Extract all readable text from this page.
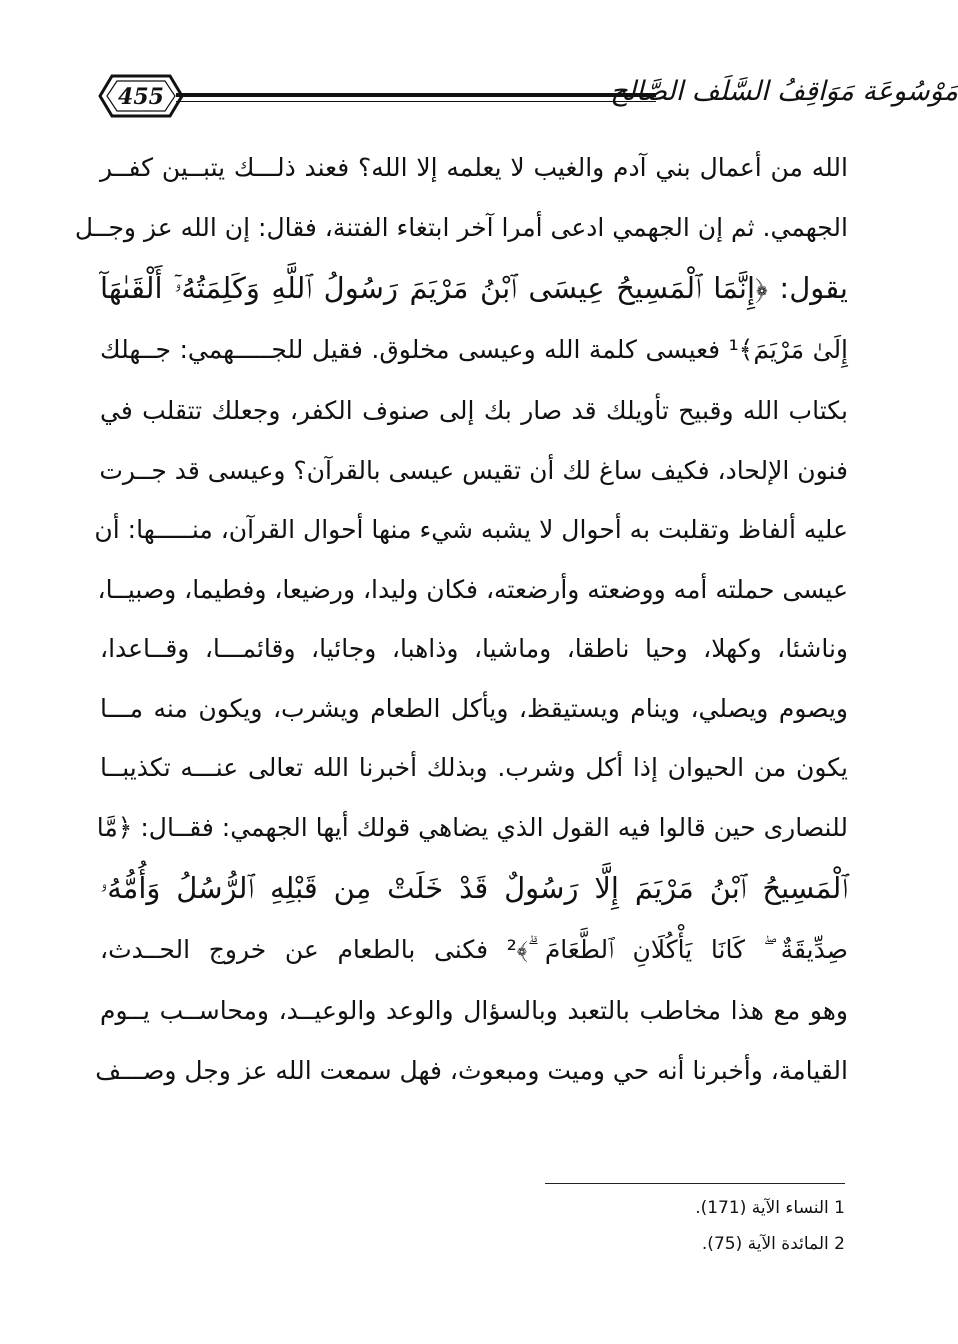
455	مَوْسُوعَة مَوَاقِفُ السَّلَف الصَّالح
الله من أعمال بني آدم والغيب لا يعلمه إلا الله؟ فعند ذلـــك يتبــين كفــر
الجهمي. ثم إن الجهمي ادعى أمرا آخر ابتغاء الفتنة، فقال: إن الله عز وجــل
يقول: ﴿إِنَّمَا ٱلْمَسِيحُ عِيسَى ٱبْنُ مَرْيَمَ رَسُولُ ٱللَّهِ وَكَلِمَتُهُۥٓ أَلْقَىٰهَآ
إِلَىٰ مَرْيَمَ﴾¹ فعيسى كلمة الله وعيسى مخلوق. فقيل للجـــــهمي: جــهلك
بكتاب الله وقبيح تأويلك قد صار بك إلى صنوف الكفر، وجعلك تتقلب في
فنون الإلحاد، فكيف ساغ لك أن تقيس عيسى بالقرآن؟ وعيسى قد جــرت
عليه ألفاظ وتقلبت به أحوال لا يشبه شيء منها أحوال القرآن، منـــــها: أن
عيسى حملته أمه ووضعته وأرضعته، فكان وليدا، ورضيعا، وفطيما، وصبيــا،
وناشئا، وكهلا، وحيا ناطقا، وماشيا، وذاهبا، وجائيا، وقائمـــا، وقــاعدا،
ويصوم ويصلي، وينام ويستيقظ، ويأكل الطعام ويشرب، ويكون منه مـــا
يكون من الحيوان إذا أكل وشرب. وبذلك أخبرنا الله تعالى عنـــه تكذيبــا
للنصارى حين قالوا فيه القول الذي يضاهي قولك أيها الجهمي: فقــال: ﴿مَّا
ٱلْمَسِيحُ ٱبْنُ مَرْيَمَ إِلَّا رَسُولٌ قَدْ خَلَتْ مِن قَبْلِهِ ٱلرُّسُلُ وَأُمُّهُۥ
صِدِّيقَةٌ ۖ كَانَا يَأْكُلَانِ ٱلطَّعَامَ ۗ﴾² فكنى بالطعام عن خروج الحــدث،
وهو مع هذا مخاطب بالتعبد وبالسؤال والوعد والوعيــد، ومحاســب يــوم
القيامة، وأخبرنا أنه حي وميت ومبعوث، فهل سمعت الله عز وجل وصـــف
1 النساء الآية (171).
2 المائدة الآية (75).
